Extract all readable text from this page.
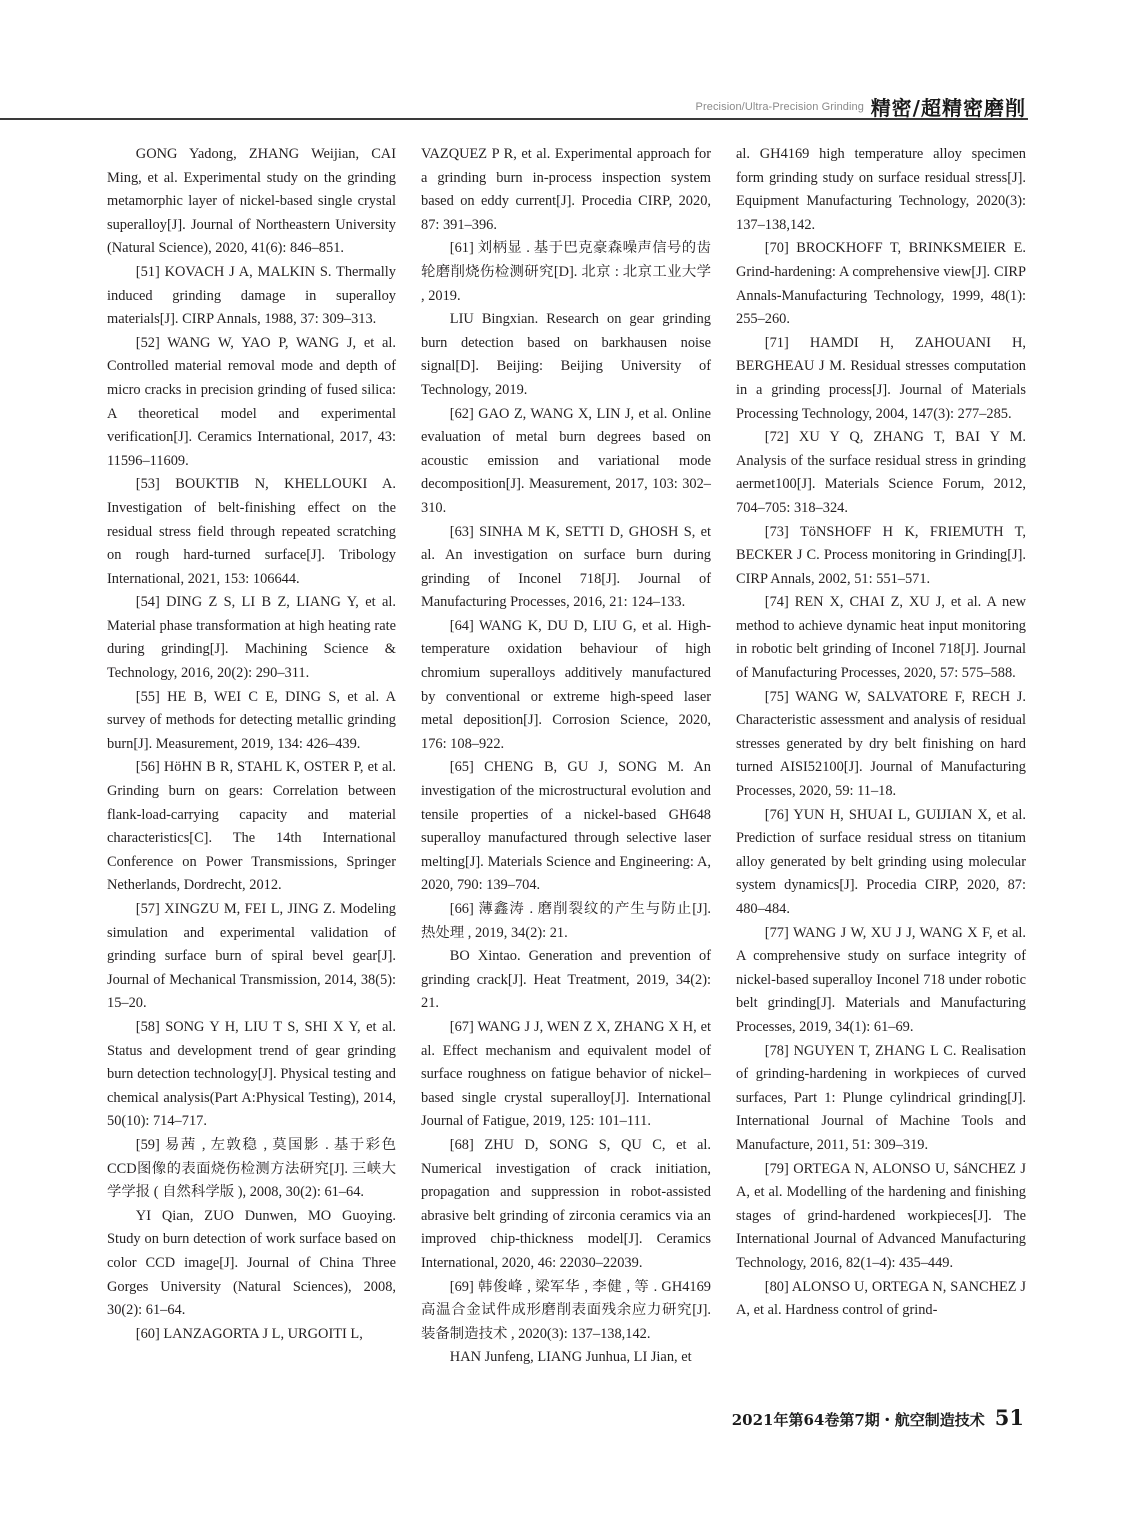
Precision/Ultra-Precision Grinding 精密/超精密磨削

GONG Yadong, ZHANG Weijian, CAI Ming, et al. Experimental study on the grinding metamorphic layer of nickel-based single crystal superalloy[J]. Journal of Northeastern University (Natural Science), 2020, 41(6): 846–851.

[51] KOVACH J A, MALKIN S. Thermally induced grinding damage in superalloy materials[J]. CIRP Annals, 1988, 37: 309–313.

[52] WANG W, YAO P, WANG J, et al. Controlled material removal mode and depth of micro cracks in precision grinding of fused silica: A theoretical model and experimental verification[J]. Ceramics International, 2017, 43: 11596–11609.

[53] BOUKTIB N, KHELLOUKI A. Investigation of belt-finishing effect on the residual stress field through repeated scratching on rough hard-turned surface[J]. Tribology International, 2021, 153: 106644.

[54] DING Z S, LI B Z, LIANG Y, et al. Material phase transformation at high heating rate during grinding[J]. Machining Science & Technology, 2016, 20(2): 290–311.

[55] HE B, WEI C E, DING S, et al. A survey of methods for detecting metallic grinding burn[J]. Measurement, 2019, 134: 426–439.

[56] HöHN B R, STAHL K, OSTER P, et al. Grinding burn on gears: Correlation between flank-load-carrying capacity and material characteristics[C]. The 14th International Conference on Power Transmissions, Springer Netherlands, Dordrecht, 2012.

[57] XINGZU M, FEI L, JING Z. Modeling simulation and experimental validation of grinding surface burn of spiral bevel gear[J]. Journal of Mechanical Transmission, 2014, 38(5): 15–20.

[58] SONG Y H, LIU T S, SHI X Y, et al. Status and development trend of gear grinding burn detection technology[J]. Physical testing and chemical analysis(Part A:Physical Testing), 2014, 50(10): 714–717.

[59] 易茜 , 左敦稳 , 莫国影 . 基于彩色CCD图像的表面烧伤检测方法研究[J]. 三峡大学学报 ( 自然科学版 ), 2008, 30(2): 61–64.

YI Qian, ZUO Dunwen, MO Guoying. Study on burn detection of work surface based on color CCD image[J]. Journal of China Three Gorges University (Natural Sciences), 2008, 30(2): 61–64.

[60] LANZAGORTA J L, URGOITI L,

VAZQUEZ P R, et al. Experimental approach for a grinding burn in-process inspection system based on eddy current[J]. Procedia CIRP, 2020, 87: 391–396.

[61] 刘柄显 . 基于巴克豪森噪声信号的齿轮磨削烧伤检测研究[D]. 北京 : 北京工业大学 , 2019.

LIU Bingxian. Research on gear grinding burn detection based on barkhausen noise signal[D]. Beijing: Beijing University of Technology, 2019.

[62] GAO Z, WANG X, LIN J, et al. Online evaluation of metal burn degrees based on acoustic emission and variational mode decomposition[J]. Measurement, 2017, 103: 302–310.

[63] SINHA M K, SETTI D, GHOSH S, et al. An investigation on surface burn during grinding of Inconel 718[J]. Journal of Manufacturing Processes, 2016, 21: 124–133.

[64] WANG K, DU D, LIU G, et al. High-temperature oxidation behaviour of high chromium superalloys additively manufactured by conventional or extreme high-speed laser metal deposition[J]. Corrosion Science, 2020, 176: 108–922.

[65] CHENG B, GU J, SONG M. An investigation of the microstructural evolution and tensile properties of a nickel-based GH648 superalloy manufactured through selective laser melting[J]. Materials Science and Engineering: A, 2020, 790: 139–704.

[66] 薄鑫涛 . 磨削裂纹的产生与防止[J]. 热处理 , 2019, 34(2): 21.

BO Xintao. Generation and prevention of grinding crack[J]. Heat Treatment, 2019, 34(2): 21.

[67] WANG J J, WEN Z X, ZHANG X H, et al. Effect mechanism and equivalent model of surface roughness on fatigue behavior of nickel–based single crystal superalloy[J]. International Journal of Fatigue, 2019, 125: 101–111.

[68] ZHU D, SONG S, QU C, et al. Numerical investigation of crack initiation, propagation and suppression in robot-assisted abrasive belt grinding of zirconia ceramics via an improved chip-thickness model[J]. Ceramics International, 2020, 46: 22030–22039.

[69] 韩俊峰 , 梁军华 , 李健 , 等 . GH4169高温合金试件成形磨削表面残余应力研究[J]. 装备制造技术 , 2020(3): 137–138,142.

HAN Junfeng, LIANG Junhua, LI Jian, et

al. GH4169 high temperature alloy specimen form grinding study on surface residual stress[J]. Equipment Manufacturing Technology, 2020(3): 137–138,142.

[70] BROCKHOFF T, BRINKSMEIER E. Grind-hardening: A comprehensive view[J]. CIRP Annals-Manufacturing Technology, 1999, 48(1): 255–260.

[71] HAMDI H, ZAHOUANI H, BERGHEAU J M. Residual stresses computation in a grinding process[J]. Journal of Materials Processing Technology, 2004, 147(3): 277–285.

[72] XU Y Q, ZHANG T, BAI Y M. Analysis of the surface residual stress in grinding aermet100[J]. Materials Science Forum, 2012, 704–705: 318–324.

[73] TöNSHOFF H K, FRIEMUTH T, BECKER J C. Process monitoring in Grinding[J]. CIRP Annals, 2002, 51: 551–571.

[74] REN X, CHAI Z, XU J, et al. A new method to achieve dynamic heat input monitoring in robotic belt grinding of Inconel 718[J]. Journal of Manufacturing Processes, 2020, 57: 575–588.

[75] WANG W, SALVATORE F, RECH J. Characteristic assessment and analysis of residual stresses generated by dry belt finishing on hard turned AISI52100[J]. Journal of Manufacturing Processes, 2020, 59: 11–18.

[76] YUN H, SHUAI L, GUIJIAN X, et al. Prediction of surface residual stress on titanium alloy generated by belt grinding using molecular system dynamics[J]. Procedia CIRP, 2020, 87: 480–484.

[77] WANG J W, XU J J, WANG X F, et al. A comprehensive study on surface integrity of nickel-based superalloy Inconel 718 under robotic belt grinding[J]. Materials and Manufacturing Processes, 2019, 34(1): 61–69.

[78] NGUYEN T, ZHANG L C. Realisation of grinding-hardening in workpieces of curved surfaces, Part 1: Plunge cylindrical grinding[J]. International Journal of Machine Tools and Manufacture, 2011, 51: 309–319.

[79] ORTEGA N, ALONSO U, SáNCHEZ J A, et al. Modelling of the hardening and finishing stages of grind-hardened workpieces[J]. The International Journal of Advanced Manufacturing Technology, 2016, 82(1–4): 435–449.

[80] ALONSO U, ORTEGA N, SANCHEZ J A, et al. Hardness control of grind-

2021年第64卷第7期・航空制造技术 51
